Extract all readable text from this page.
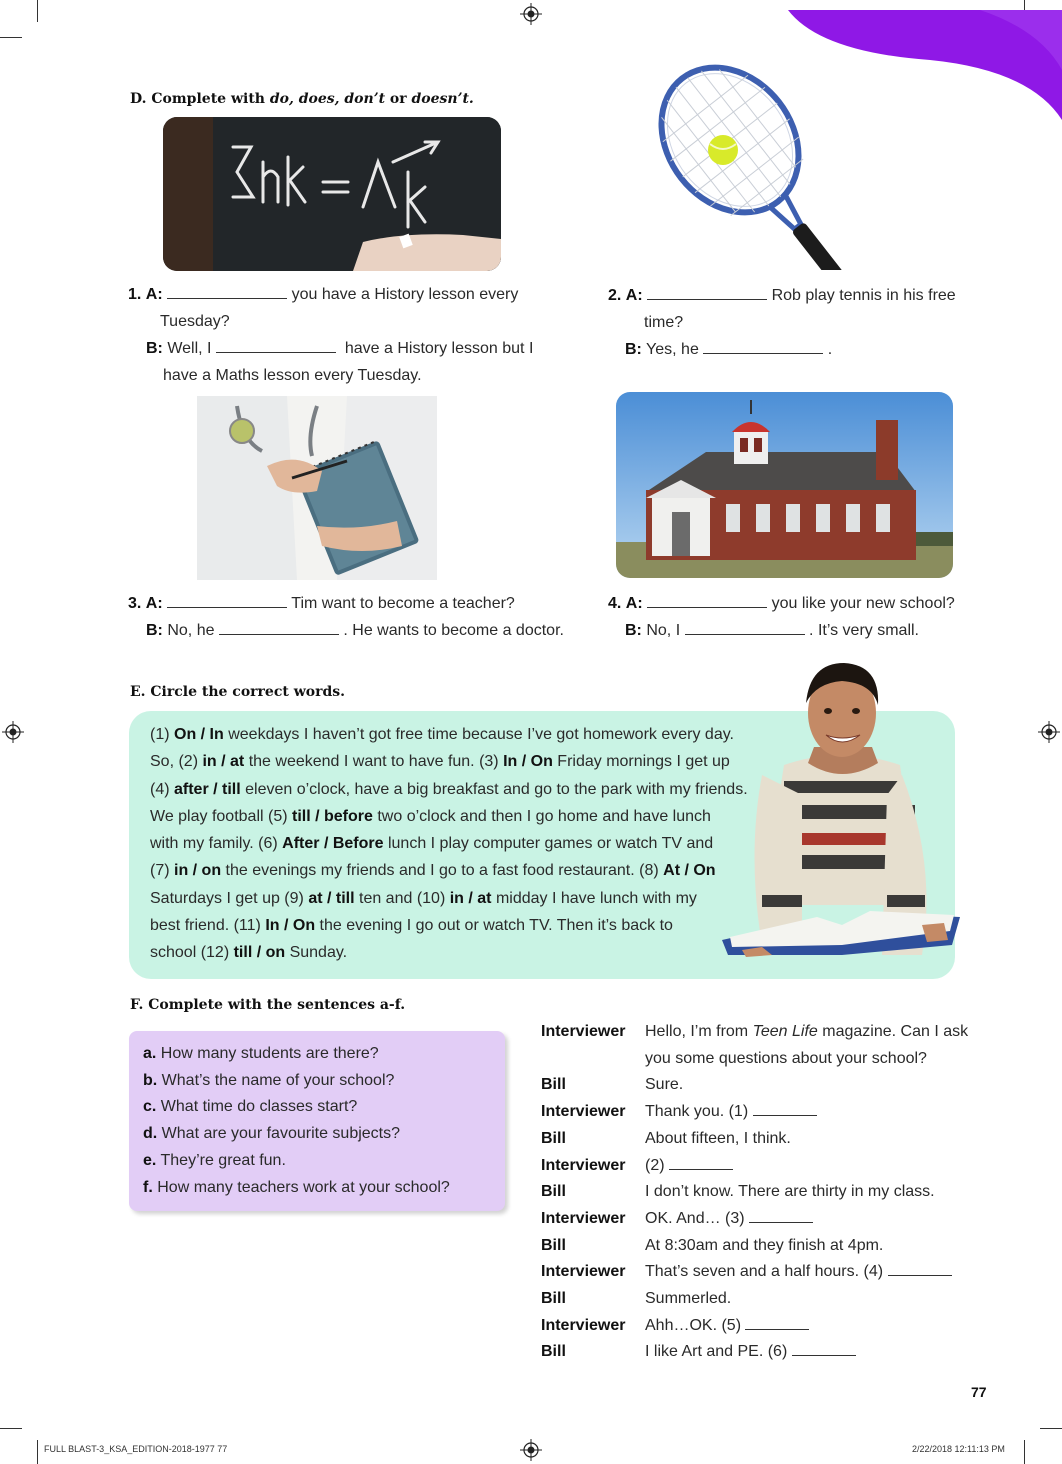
D. Complete with do, does, don’t or doesn’t.
1. A:	you have a History lesson every
Tuesday?
B: Well, I	have a History lesson but I
have a Maths lesson every Tuesday.
2. A:	Rob play tennis in his free
time?
B: Yes, he	.
3. A:	Tim want to become a teacher?
B: No, he	. He wants to become a doctor.
4. A:	you like your new school?
B: No, I	. It’s very small.
E. Circle the correct words.
(1) On / In weekdays I haven’t got free time because I’ve got homework every day.
So, (2) in / at the weekend I want to have fun. (3) In / On Friday mornings I get up
(4) after / till eleven o’clock, have a big breakfast and go to the park with my friends.
We play football (5) till / before two o’clock and then I go home and have lunch
with my family. (6) After / Before lunch I play computer games or watch TV and
(7) in / on the evenings my friends and I go to a fast food restaurant. (8) At / On
Saturdays I get up (9) at / till ten and (10) in / at midday I have lunch with my
best friend. (11) In / On the evening I go out or watch TV. Then it’s back to
school (12) till / on Sunday.
F. Complete with the sentences a-f.
a. How many students are there?
b. What’s the name of your school?
c. What time do classes start?
d. What are your favourite subjects?
e. They’re great fun.
f. How many teachers work at your school?
Interviewer	Hello, I’m from Teen Life magazine. Can I ask
you some questions about your school?
Bill	Sure.
Interviewer	Thank you. (1)
Bill	About fifteen, I think.
Interviewer	(2)
Bill	I don’t know. There are thirty in my class.
Interviewer	OK. And… (3)
Bill	At 8:30am and they finish at 4pm.
Interviewer	That’s seven and a half hours. (4)
Bill	Summerled.
Interviewer	Ahh…OK. (5)
Bill	I like Art and PE. (6)
77
FULL BLAST-3_KSA_EDITION-2018-1977 77	2/22/2018 12:11:13 PM
